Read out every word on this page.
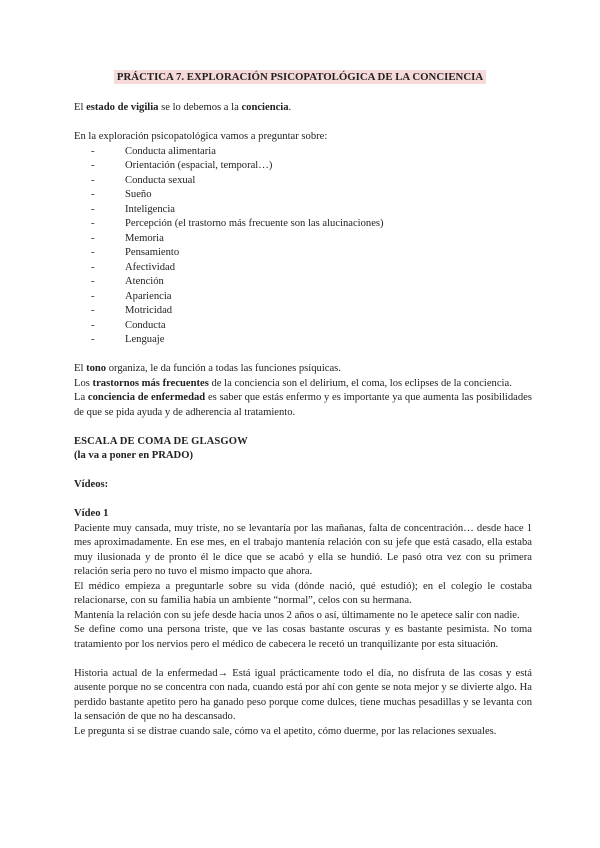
PRÁCTICA 7. EXPLORACIÓN PSICOPATOLÓGICA DE LA CONCIENCIA

El estado de vigilia se lo debemos a la conciencia.

En la exploración psicopatológica vamos a preguntar sobre:

- Conducta alimentaria
- Orientación (espacial, temporal…)
- Conducta sexual
- Sueño
- Inteligencia
- Percepción (el trastorno más frecuente son las alucinaciones)
- Memoria
- Pensamiento
- Afectividad
- Atención
- Apariencia
- Motricidad
- Conducta
- Lenguaje

El tono organiza, le da función a todas las funciones psíquicas.

Los trastornos más frecuentes de la conciencia son el delirium, el coma, los eclipses de la conciencia.

La conciencia de enfermedad es saber que estás enfermo y es importante ya que aumenta las posibilidades de que se pida ayuda y de adherencia al tratamiento.

ESCALA DE COMA DE GLASGOW

(la va a poner en PRADO)

Vídeos:

Vídeo 1

Paciente muy cansada, muy triste, no se levantaría por las mañanas, falta de concentración… desde hace 1 mes aproximadamente. En ese mes, en el trabajo mantenía relación con su jefe que está casado, ella estaba muy ilusionada y de pronto él le dice que se acabó y ella se hundió. Le pasó otra vez con su primera relación seria pero no tuvo el mismo impacto que ahora.

El médico empieza a preguntarle sobre su vida (dónde nació, qué estudió); en el colegio le costaba relacionarse, con su familia había un ambiente “normal”, celos con su hermana.

Mantenía la relación con su jefe desde hacia unos 2 años o así, últimamente no le apetece salir con nadie.

Se define como una persona triste, que ve las cosas bastante oscuras y es bastante pesimista. No toma tratamiento por los nervios pero el médico de cabecera le recetó un tranquilizante por esta situación.

Historia actual de la enfermedad→ Está igual prácticamente todo el día, no disfruta de las cosas y está ausente porque no se concentra con nada, cuando está por ahí con gente se nota mejor y se divierte algo. Ha perdido bastante apetito pero ha ganado peso porque come dulces, tiene muchas pesadillas y se levanta con la sensación de que no ha descansado.

Le pregunta si se distrae cuando sale, cómo va el apetito, cómo duerme, por las relaciones sexuales.
